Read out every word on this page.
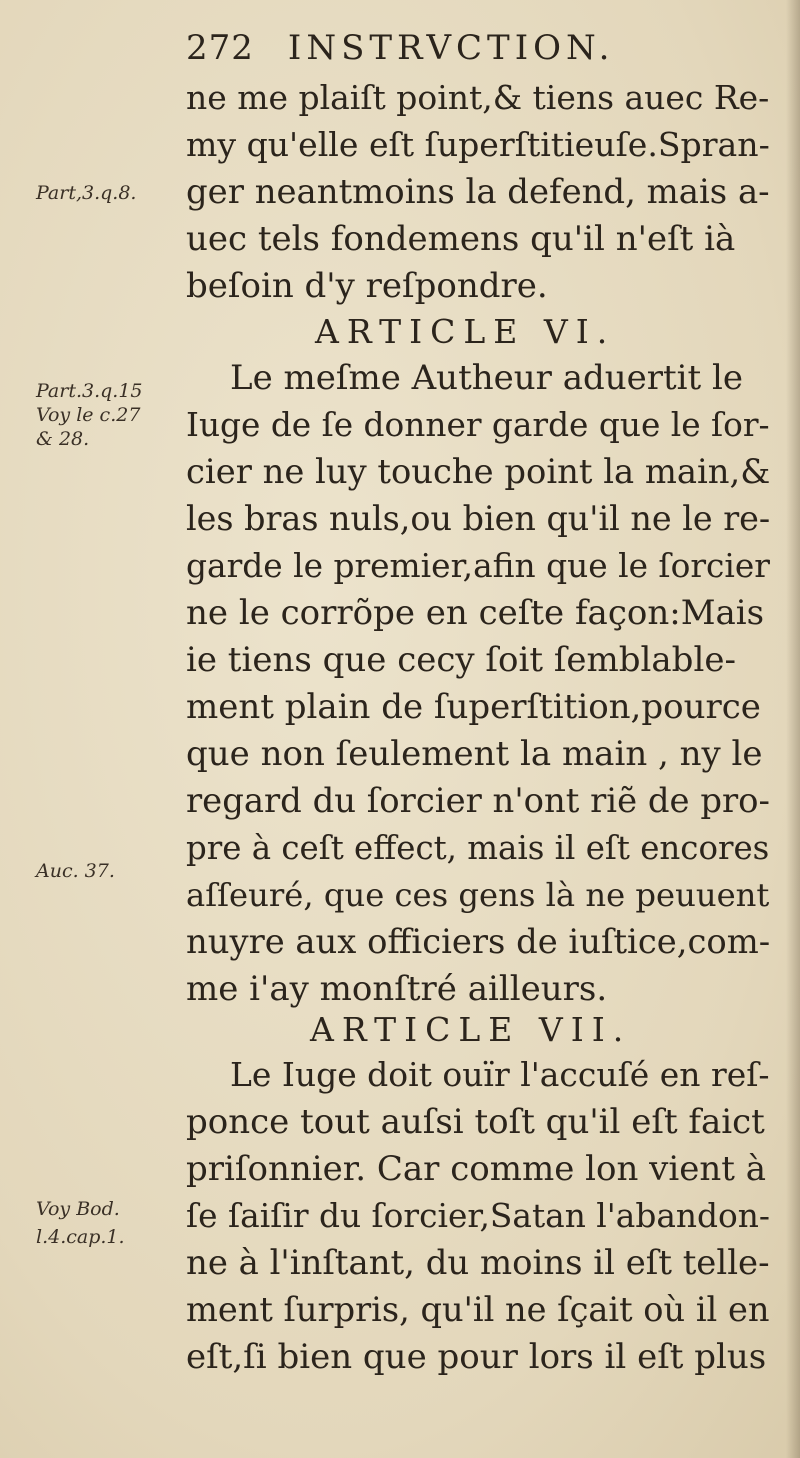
272 INSTRVCTION.
ne me plaiſt point,& tiens auec Re-
my qu'elle eſt ſuperſtitieuſe.Spran-
ger neantmoins la defend, mais a-
uec tels fondemens qu'il n'eſt ià
beſoin d'y reſpondre.
ARTICLE VI.
Le meſme Autheur aduertit le
Iuge de ſe donner garde que le ſor-
cier ne luy touche point la main,&
les bras nuls,ou bien qu'il ne le re-
garde le premier,afin que le ſorcier
ne le corrõpe en ceſte façon:Mais
ie tiens que cecy ſoit ſemblable-
ment plain de ſuperſtition,pource
que non ſeulement la main , ny le
regard du ſorcier n'ont riẽ de pro-
pre à ceſt effect, mais il eſt encores
aſſeuré, que ces gens là ne peuuent
nuyre aux officiers de iuſtice,com-
me i'ay monſtré ailleurs.
ARTICLE VII.
Le Iuge doit ouïr l'accuſé en reſ-
ponce tout auſsi toſt qu'il eſt faict
priſonnier. Car comme lon vient à
ſe ſaiſir du ſorcier,Satan l'abandon-
ne à l'inſtant, du moins il eſt telle-
ment ſurpris, qu'il ne ſçait où il en
eſt,ſi bien que pour lors il eſt plus
Part,3.q.8.
Part.3.q.15
Voy le c.27
& 28.
Auc. 37.
Voy Bod.
l.4.cap.1.
